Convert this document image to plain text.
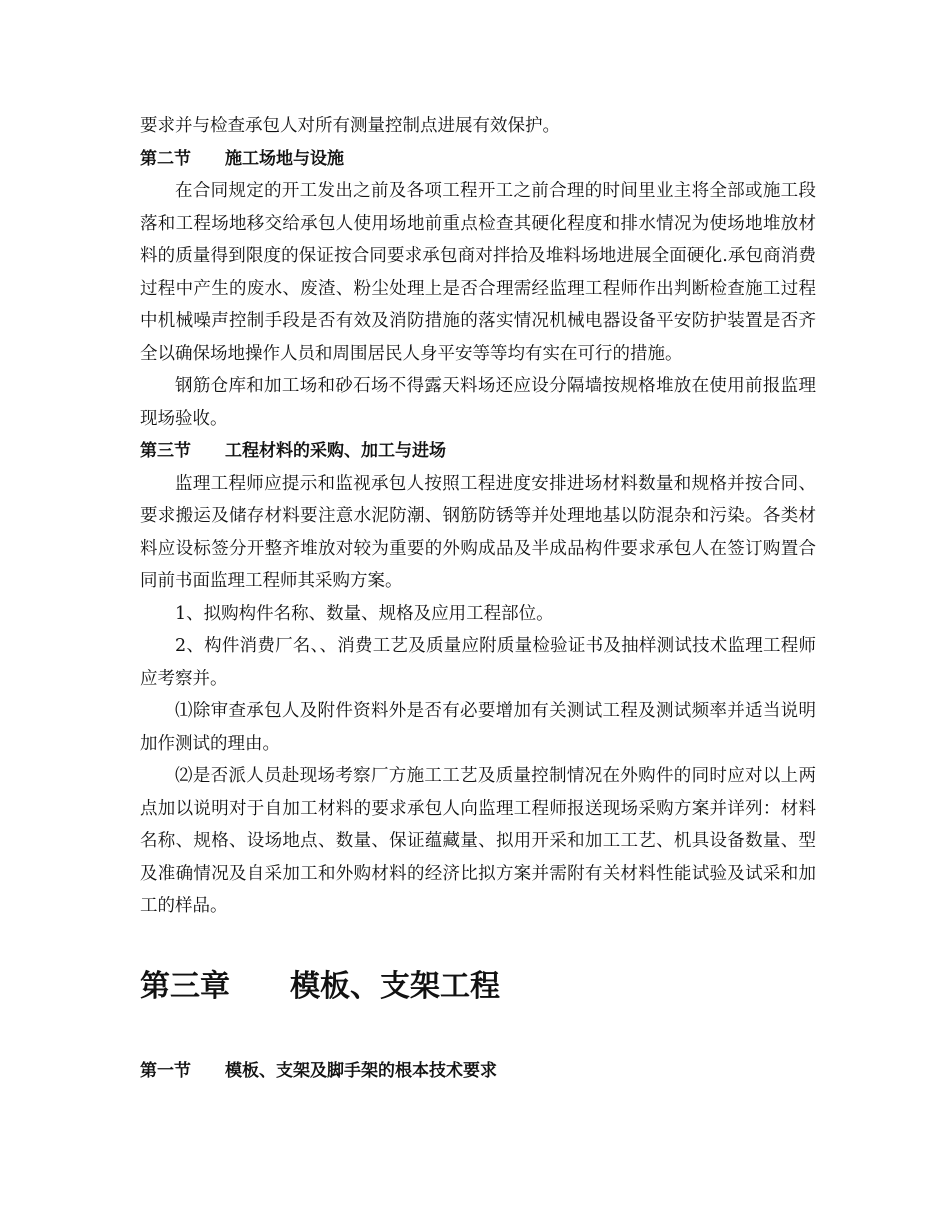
要求并与检查承包人对所有测量控制点进展有效保护。

第二节　　施工场地与设施

在合同规定的开工发出之前及各项工程开工之前合理的时间里业主将全部或施工段落和工程场地移交给承包人使用场地前重点检查其硬化程度和排水情况为使场地堆放材料的质量得到限度的保证按合同要求承包商对拌拾及堆料场地进展全面硬化.承包商消费过程中产生的废水、废渣、粉尘处理上是否合理需经监理工程师作出判断检查施工过程中机械噪声控制手段是否有效及消防措施的落实情况机械电器设备平安防护装置是否齐全以确保场地操作人员和周围居民人身平安等等均有实在可行的措施。

钢筋仓库和加工场和砂石场不得露天料场还应设分隔墙按规格堆放在使用前报监理现场验收。

第三节　　工程材料的采购、加工与进场

监理工程师应提示和监视承包人按照工程进度安排进场材料数量和规格并按合同、要求搬运及储存材料要注意水泥防潮、钢筋防锈等并处理地基以防混杂和污染。各类材料应设标签分开整齐堆放对较为重要的外购成品及半成品构件要求承包人在签订购置合同前书面监理工程师其采购方案。

1、拟购构件名称、数量、规格及应用工程部位。

2、构件消费厂名、、消费工艺及质量应附质量检验证书及抽样测试技术监理工程师应考察并。

⑴除审查承包人及附件资料外是否有必要增加有关测试工程及测试频率并适当说明加作测试的理由。

⑵是否派人员赴现场考察厂方施工工艺及质量控制情况在外购件的同时应对以上两点加以说明对于自加工材料的要求承包人向监理工程师报送现场采购方案并详列：材料名称、规格、设场地点、数量、保证蕴藏量、拟用开采和加工工艺、机具设备数量、型及准确情况及自采加工和外购材料的经济比拟方案并需附有关材料性能试验及试采和加工的样品。

第三章　　模板、支架工程

第一节　　模板、支架及脚手架的根本技术要求
